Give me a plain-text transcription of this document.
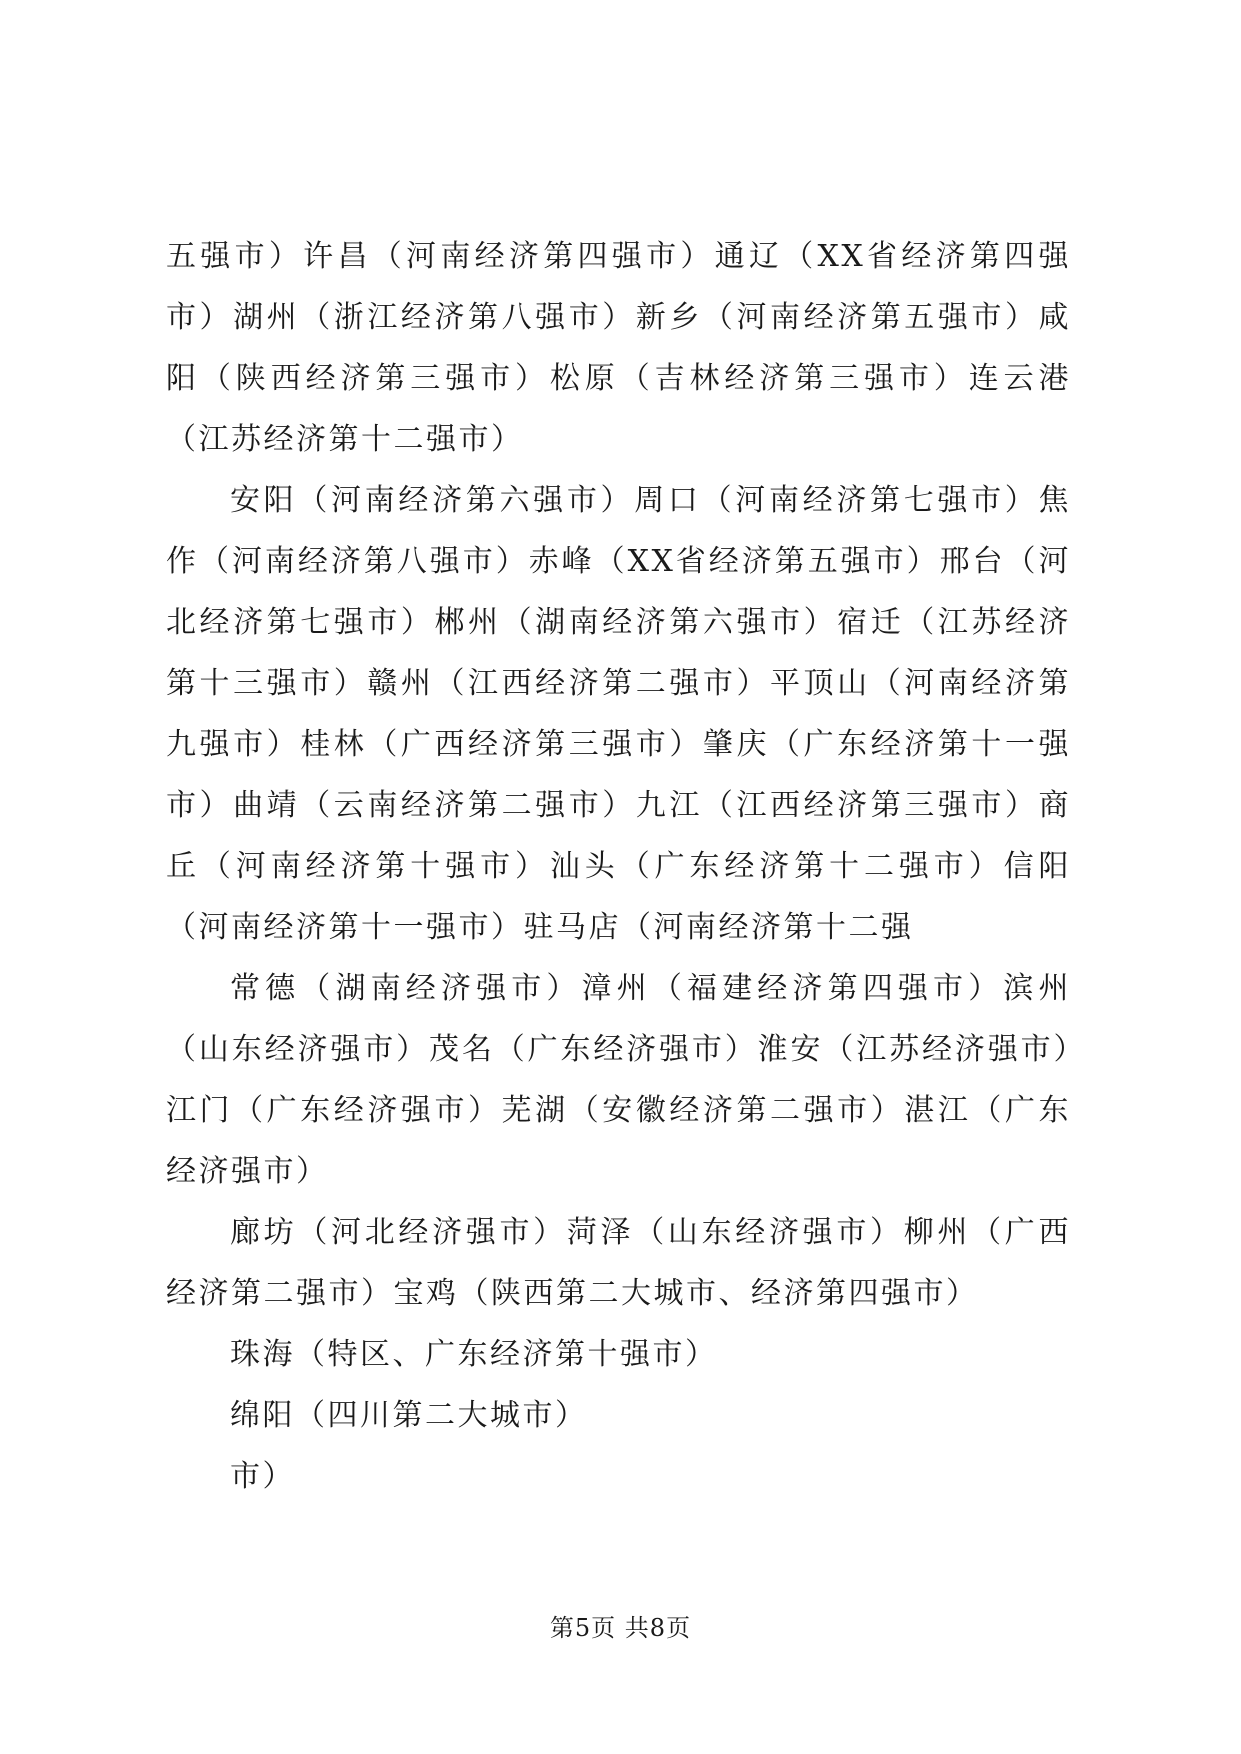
五强市）许昌（河南经济第四强市）通辽（XX省经济第四强市）湖州（浙江经济第八强市）新乡（河南经济第五强市）咸阳（陕西经济第三强市）松原（吉林经济第三强市）连云港（江苏经济第十二强市）

安阳（河南经济第六强市）周口（河南经济第七强市）焦作（河南经济第八强市）赤峰（XX省经济第五强市）邢台（河北经济第七强市）郴州（湖南经济第六强市）宿迁（江苏经济第十三强市）赣州（江西经济第二强市）平顶山（河南经济第九强市）桂林（广西经济第三强市）肇庆（广东经济第十一强市）曲靖（云南经济第二强市）九江（江西经济第三强市）商丘（河南经济第十强市）汕头（广东经济第十二强市）信阳（河南经济第十一强市）驻马店（河南经济第十二强

常德（湖南经济强市）漳州（福建经济第四强市）滨州（山东经济强市）茂名（广东经济强市）淮安（江苏经济强市）江门（广东经济强市）芜湖（安徽经济第二强市）湛江（广东经济强市）

廊坊（河北经济强市）菏泽（山东经济强市）柳州（广西经济第二强市）宝鸡（陕西第二大城市、经济第四强市）

珠海（特区、广东经济第十强市）

绵阳（四川第二大城市）

市）

第5页 共8页
